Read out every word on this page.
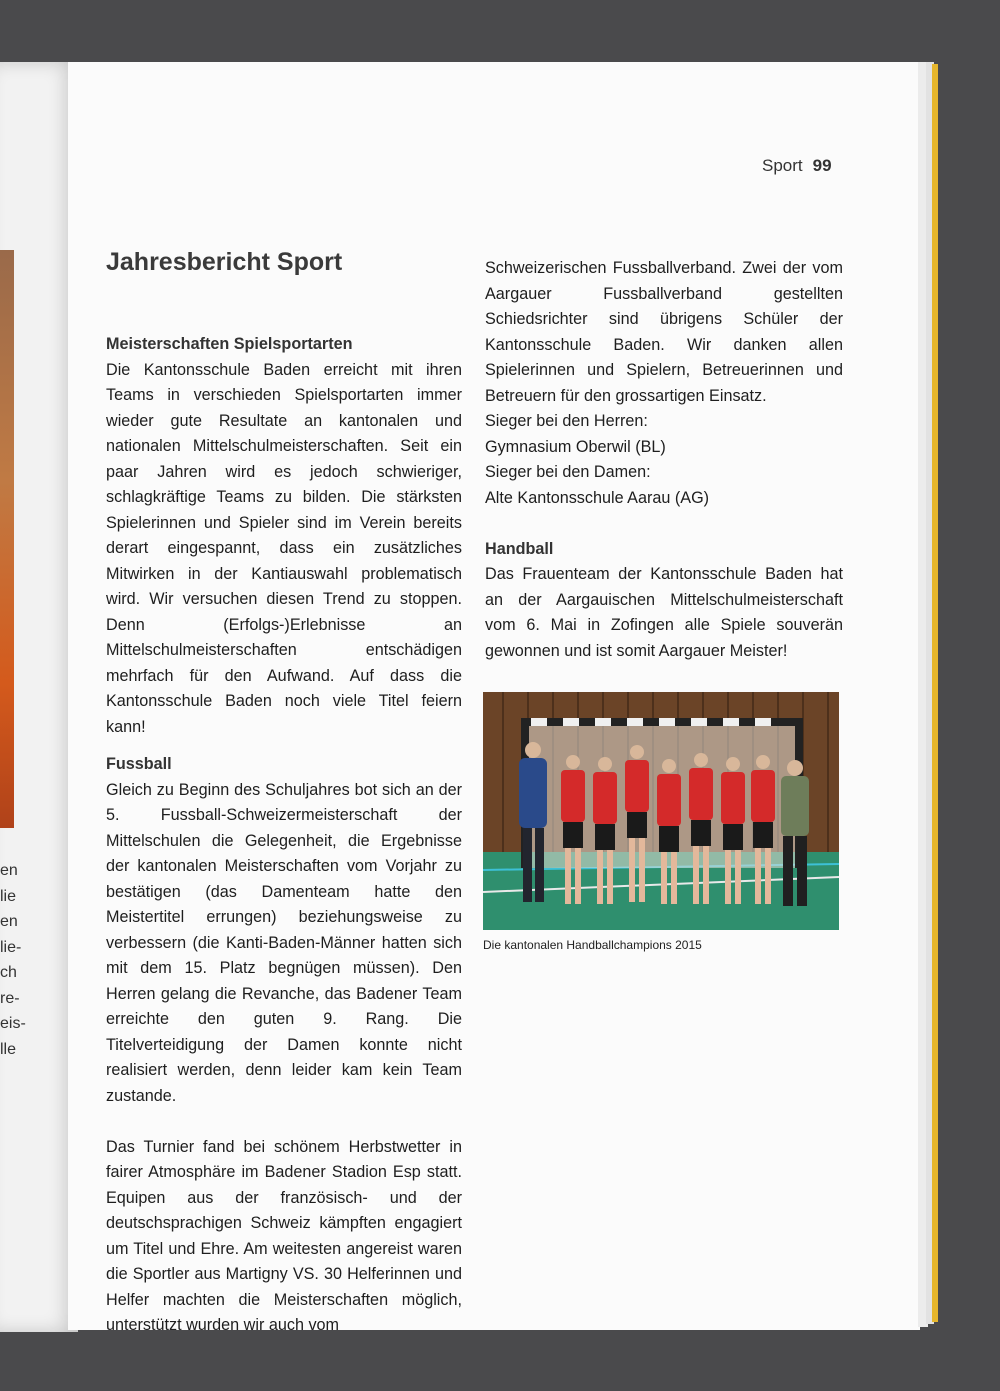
en
lie
en
lie-
ch
re-
eis-
lle
Sport 99
Jahresbericht Sport
Meisterschaften Spielsportarten

Die Kantonsschule Baden erreicht mit ihren Teams in verschieden Spielsportarten immer wieder gute Resultate an kantonalen und nationalen Mittelschulmeisterschaften. Seit ein paar Jahren wird es jedoch schwieriger, schlagkräftige Teams zu bilden. Die stärksten Spielerinnen und Spieler sind im Verein bereits derart eingespannt, dass ein zusätzliches Mitwirken in der Kantiauswahl problematisch wird. Wir versuchen diesen Trend zu stoppen. Denn (Erfolgs-)Erlebnisse an Mittelschulmeisterschaften entschädigen mehrfach für den Aufwand. Auf dass die Kantonsschule Baden noch viele Titel feiern kann!

Fussball

Gleich zu Beginn des Schuljahres bot sich an der 5. Fussball-Schweizermeisterschaft der Mittelschulen die Gelegenheit, die Ergebnisse der kantonalen Meisterschaften vom Vorjahr zu bestätigen (das Damenteam hatte den Meistertitel errungen) beziehungsweise zu verbessern (die Kanti-Baden-Männer hatten sich mit dem 15. Platz begnügen müssen). Den Herren gelang die Revanche, das Badener Team erreichte den guten 9. Rang. Die Titelverteidigung der Damen konnte nicht realisiert werden, denn leider kam kein Team zustande.

Das Turnier fand bei schönem Herbstwetter in fairer Atmosphäre im Badener Stadion Esp statt. Equipen aus der französisch- und der deutschsprachigen Schweiz kämpften engagiert um Titel und Ehre. Am weitesten angereist waren die Sportler aus Martigny VS. 30 Helferinnen und Helfer machten die Meisterschaften möglich, unterstützt wurden wir auch vom

Schweizerischen Fussballverband. Zwei der vom Aargauer Fussballverband gestellten Schiedsrichter sind übrigens Schüler der Kantonsschule Baden. Wir danken allen Spielerinnen und Spielern, Betreuerinnen und Betreuern für den grossartigen Einsatz.

Sieger bei den Herren:
Gymnasium Oberwil (BL)
Sieger bei den Damen:
Alte Kantonsschule Aarau (AG)
Handball

Das Frauenteam der Kantonsschule Baden hat an der Aargauischen Mittelschulmeisterschaft vom 6. Mai in Zofingen alle Spiele souverän gewonnen und ist somit Aargauer Meister!

Die kantonalen Handballchampions 2015
